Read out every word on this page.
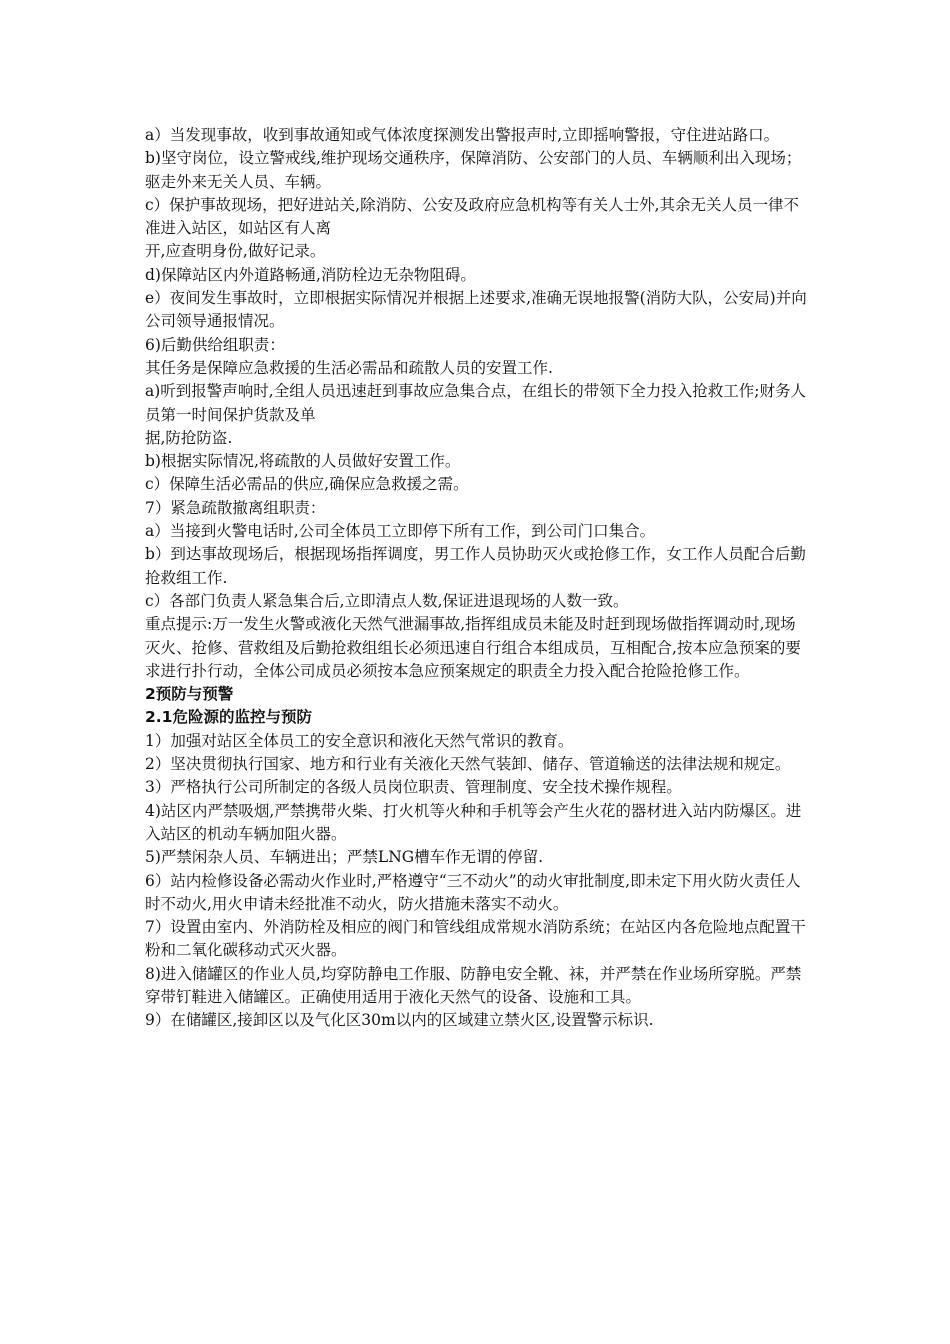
a）当发现事故，收到事故通知或气体浓度探测发出警报声时,立即摇响警报，守住进站路口。

b)坚守岗位，设立警戒线,维护现场交通秩序，保障消防、公安部门的人员、车辆顺利出入现场；驱走外来无关人员、车辆。

c）保护事故现场，把好进站关,除消防、公安及政府应急机构等有关人士外,其余无关人员一律不准进入站区，如站区有人离

开,应查明身份,做好记录。

d)保障站区内外道路畅通,消防栓边无杂物阻碍。

e）夜间发生事故时，立即根据实际情况并根据上述要求,准确无误地报警(消防大队，公安局)并向公司领导通报情况。

6)后勤供给组职责：

其任务是保障应急救援的生活必需品和疏散人员的安置工作.

a)听到报警声响时,全组人员迅速赶到事故应急集合点，在组长的带领下全力投入抢救工作;财务人员第一时间保护货款及单

据,防抢防盗.

b)根据实际情况,将疏散的人员做好安置工作。

c）保障生活必需品的供应,确保应急救援之需。

7）紧急疏散撤离组职责：

a）当接到火警电话时,公司全体员工立即停下所有工作，到公司门口集合。

b）到达事故现场后，根据现场指挥调度，男工作人员协助灭火或抢修工作，女工作人员配合后勤抢救组工作.

c）各部门负责人紧急集合后,立即清点人数,保证进退现场的人数一致。

重点提示:万一发生火警或液化天然气泄漏事故,指挥组成员未能及时赶到现场做指挥调动时,现场灭火、抢修、营救组及后勤抢救组组长必须迅速自行组合本组成员，互相配合,按本应急预案的要求进行扑行动，全体公司成员必须按本急应预案规定的职责全力投入配合抢险抢修工作。

2预防与预警

2.1危险源的监控与预防

1）加强对站区全体员工的安全意识和液化天然气常识的教育。

2）坚决贯彻执行国家、地方和行业有关液化天然气装卸、储存、管道输送的法律法规和规定。

3）严格执行公司所制定的各级人员岗位职责、管理制度、安全技术操作规程。

4)站区内严禁吸烟,严禁携带火柴、打火机等火种和手机等会产生火花的器材进入站内防爆区。进入站区的机动车辆加阻火器。

5)严禁闲杂人员、车辆进出；严禁LNG槽车作无谓的停留.

6）站内检修设备必需动火作业时,严格遵守“三不动火”的动火审批制度,即未定下用火防火责任人时不动火,用火申请未经批准不动火，防火措施未落实不动火。

7）设置由室内、外消防栓及相应的阀门和管线组成常规水消防系统；在站区内各危险地点配置干粉和二氧化碳移动式灭火器。

8)进入储罐区的作业人员,均穿防静电工作服、防静电安全靴、袜，并严禁在作业场所穿脱。严禁穿带钉鞋进入储罐区。正确使用适用于液化天然气的设备、设施和工具。

9）在储罐区,接卸区以及气化区30m以内的区域建立禁火区,设置警示标识.
